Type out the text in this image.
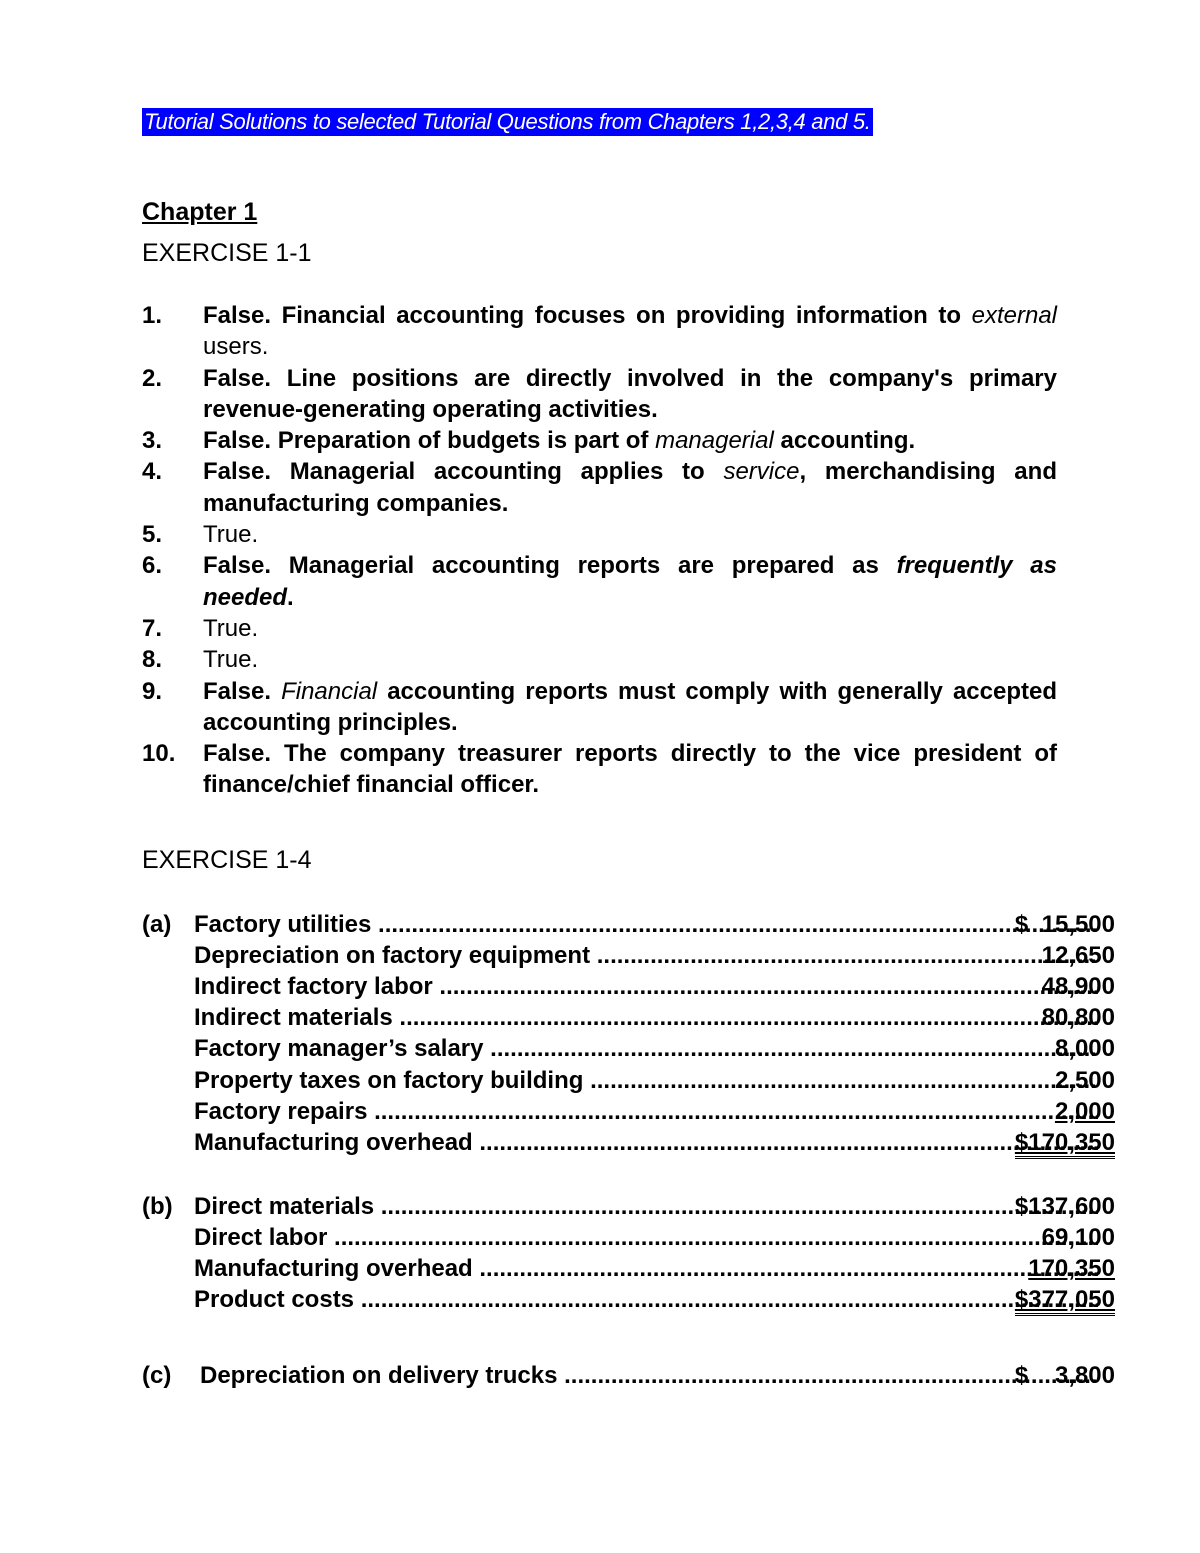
Tutorial Solutions to selected Tutorial Questions from Chapters 1,2,3,4 and 5.
Chapter 1
EXERCISE 1-1
1.	False. Financial accounting focuses on providing information to external users.
2.	False. Line positions are directly involved in the company's primary revenue-generating operating activities.
3.	False. Preparation of budgets is part of managerial accounting.
4.	False. Managerial accounting applies to service, merchandising and manufacturing companies.
5.	True.
6.	False. Managerial accounting reports are prepared as frequently as needed.
7.	True.
8.	True.
9.	False. Financial accounting reports must comply with generally accepted accounting principles.
10. False. The company treasurer reports directly to the vice president of finance/chief financial officer.
EXERCISE 1-4
(a) Factory utilities .....	$  15,500
Depreciation on factory equipment .....	12,650
Indirect factory labor .....	48,900
Indirect materials .....	80,800
Factory manager’s salary .....	8,000
Property taxes on factory building .....	2,500
Factory repairs .....	2,000
Manufacturing overhead .....	$170,350
(b) Direct materials .....	$137,600
Direct labor .....	69,100
Manufacturing overhead .....	170,350
Product costs .....	$377,050
(c) Depreciation on delivery trucks .....	$    3,800
